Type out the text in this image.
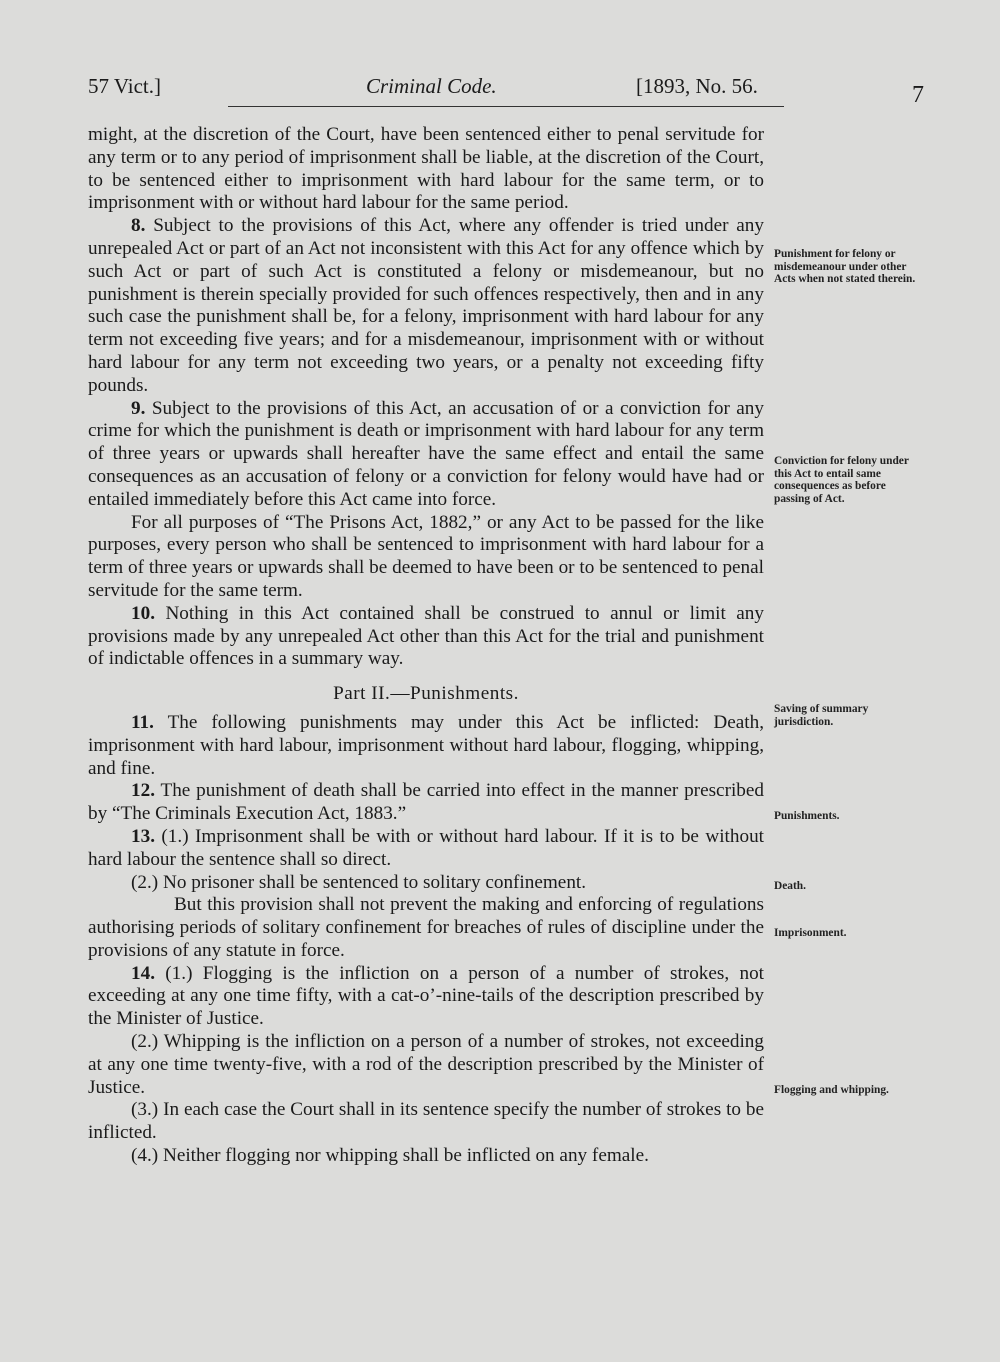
57 Vict.]	Criminal Code.	[1893, No. 56.	7

might, at the discretion of the Court, have been sentenced either to penal servitude for any term or to any period of imprisonment shall be liable, at the discretion of the Court, to be sentenced either to imprisonment with hard labour for the same term, or to imprisonment with or without hard labour for the same period.

8. Subject to the provisions of this Act, where any offender is tried under any unrepealed Act or part of an Act not inconsistent with this Act for any offence which by such Act or part of such Act is constituted a felony or misdemeanour, but no punishment is therein specially provided for such offences respectively, then and in any such case the punishment shall be, for a felony, imprisonment with hard labour for any term not exceeding five years; and for a misdemeanour, imprisonment with or without hard labour for any term not exceeding two years, or a penalty not exceeding fifty pounds.

9. Subject to the provisions of this Act, an accusation of or a conviction for any crime for which the punishment is death or imprisonment with hard labour for any term of three years or upwards shall hereafter have the same effect and entail the same consequences as an accusation of felony or a conviction for felony would have had or entailed immediately before this Act came into force.

For all purposes of “The Prisons Act, 1882,” or any Act to be passed for the like purposes, every person who shall be sentenced to imprisonment with hard labour for a term of three years or upwards shall be deemed to have been or to be sentenced to penal servitude for the same term.

10. Nothing in this Act contained shall be construed to annul or limit any provisions made by any unrepealed Act other than this Act for the trial and punishment of indictable offences in a summary way.

Part II.—Punishments.

11. The following punishments may under this Act be inflicted: Death, imprisonment with hard labour, imprisonment without hard labour, flogging, whipping, and fine.

12. The punishment of death shall be carried into effect in the manner prescribed by “The Criminals Execution Act, 1883.”

13. (1.) Imprisonment shall be with or without hard labour. If it is to be without hard labour the sentence shall so direct.

(2.) No prisoner shall be sentenced to solitary confinement.

But this provision shall not prevent the making and enforcing of regulations authorising periods of solitary confinement for breaches of rules of discipline under the provisions of any statute in force.

14. (1.) Flogging is the infliction on a person of a number of strokes, not exceeding at any one time fifty, with a cat-o’-nine-tails of the description prescribed by the Minister of Justice.

(2.) Whipping is the infliction on a person of a number of strokes, not exceeding at any one time twenty-five, with a rod of the description prescribed by the Minister of Justice.

(3.) In each case the Court shall in its sentence specify the number of strokes to be inflicted.

(4.) Neither flogging nor whipping shall be inflicted on any female.

Punishment for felony or misdemeanour under other Acts when not stated therein.
Conviction for felony under this Act to entail same consequences as before passing of Act.
Saving of summary jurisdiction.
Punishments.
Death.
Imprisonment.
Flogging and whipping.
